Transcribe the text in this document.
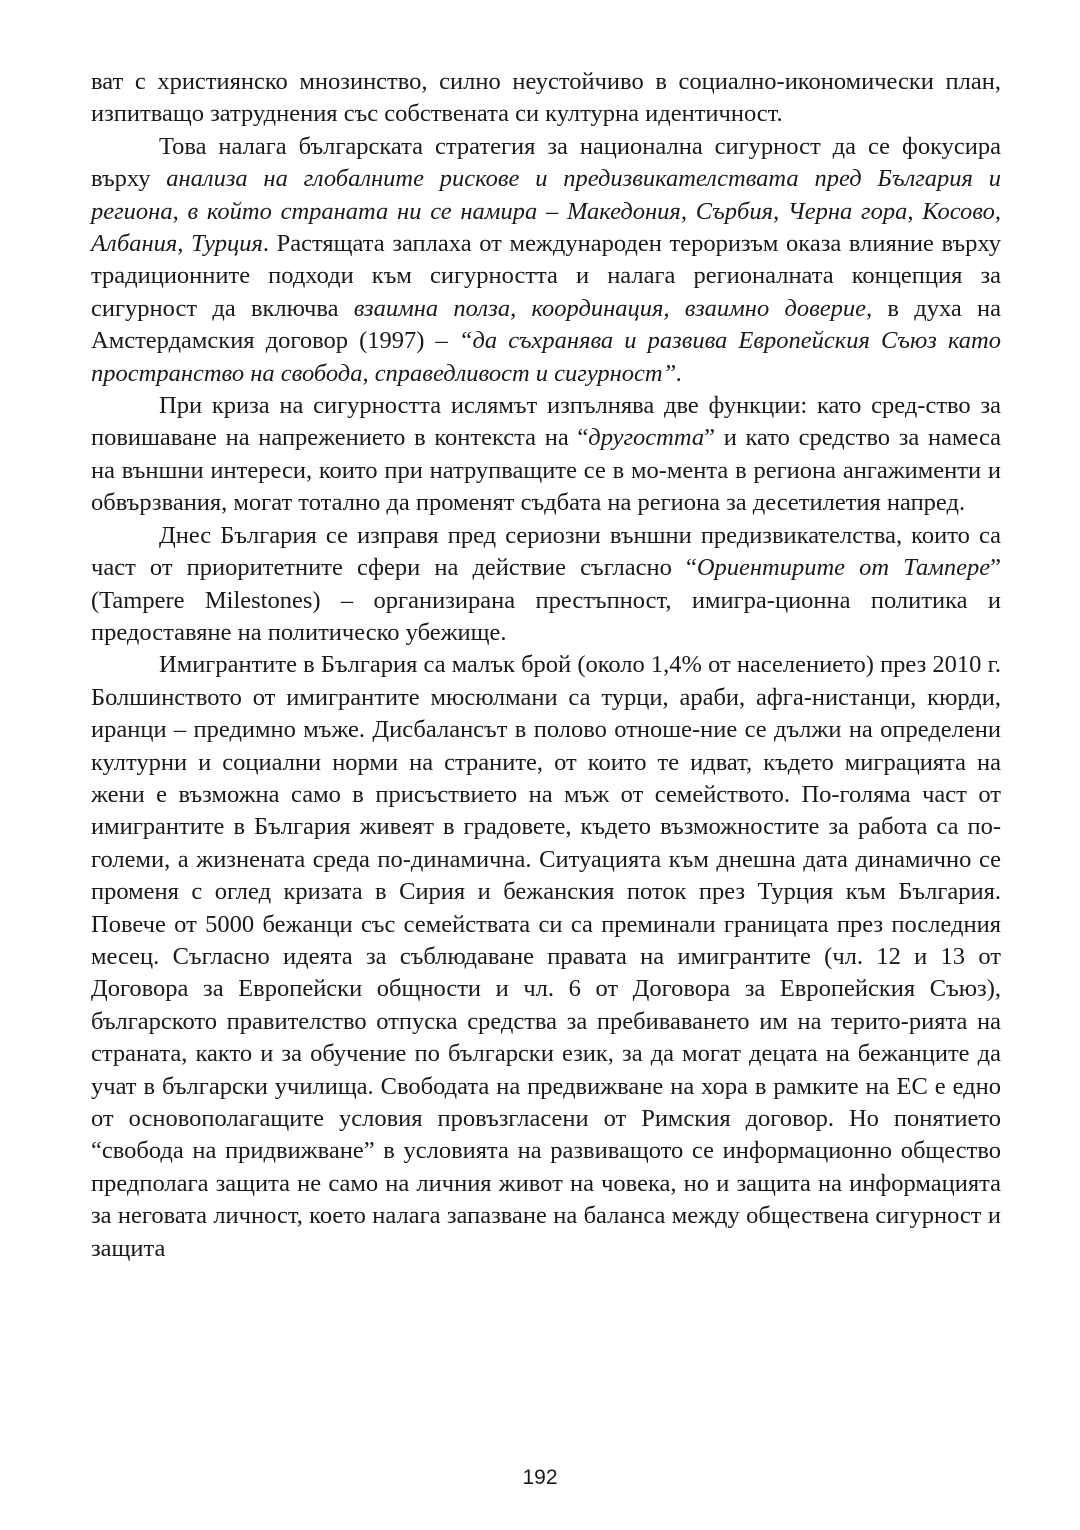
ват с християнско мнозинство, силно неустойчиво в социално-икономически план, изпитващо затруднения със собствената си културна идентичност.

Това налага българската стратегия за национална сигурност да се фокусира върху анализа на глобалните рискове и предизвикателствата пред България и региона, в който страната ни се намира – Македония, Сърбия, Черна гора, Косово, Албания, Турция. Растящата заплаха от международен тероризъм оказа влияние върху традиционните подходи към сигурността и налага регионалната концепция за сигурност да включва взаимна полза, координация, взаимно доверие, в духа на Амстердамския договор (1997) – “да съхранява и развива Европейския Съюз като пространство на свобода, справедливост и сигурност”.

При криза на сигурността ислямът изпълнява две функции: като сред-ство за повишаване на напрежението в контекста на “другостта” и като средство за намеса на външни интереси, които при натрупващите се в мо-мента в региона ангажименти и обвързвания, могат тотално да променят съдбата на региона за десетилетия напред.

Днес България се изправя пред сериозни външни предизвикателства, които са част от приоритетните сфери на действие съгласно “Ориентирите от Тампере” (Tampere Milestones) – организирана престъпност, имигра-ционна политика и предоставяне на политическо убежище.

Имигрантите в България са малък брой (около 1,4% от населението) през 2010 г. Болшинството от имигрантите мюсюлмани са турци, араби, афга-нистанци, кюрди, иранци – предимно мъже. Дисбалансът в полово отноше-ние се дължи на определени културни и социални норми на страните, от които те идват, където миграцията на жени е възможна само в присъствието на мъж от семейството. По-голяма част от имигрантите в България живеят в градовете, където възможностите за работа са по-големи, а жизнената среда по-динамична. Ситуацията към днешна дата динамично се променя с оглед кризата в Сирия и бежанския поток през Турция към България. Повече от 5000 бежанци със семействата си са преминали границата през последния месец. Съгласно идеята за съблюдаване правата на имигрантите (чл. 12 и 13 от Договора за Европейски общности и чл. 6 от Договора за Европейския Съюз), българското правителство отпуска средства за пребиваването им на терито-рията на страната, както и за обучение по български език, за да могат децата на бежанците да учат в български училища. Свободата на предвижване на хора в рамките на ЕС е едно от основополагащите условия провъзгласени от Римския договор. Но понятието “свобода на придвижване” в условията на развиващото се информационно общество предполага защита не само на личния живот на човека, но и защита на информацията за неговата личност, което налага запазване на баланса между обществена сигурност и защита

192
